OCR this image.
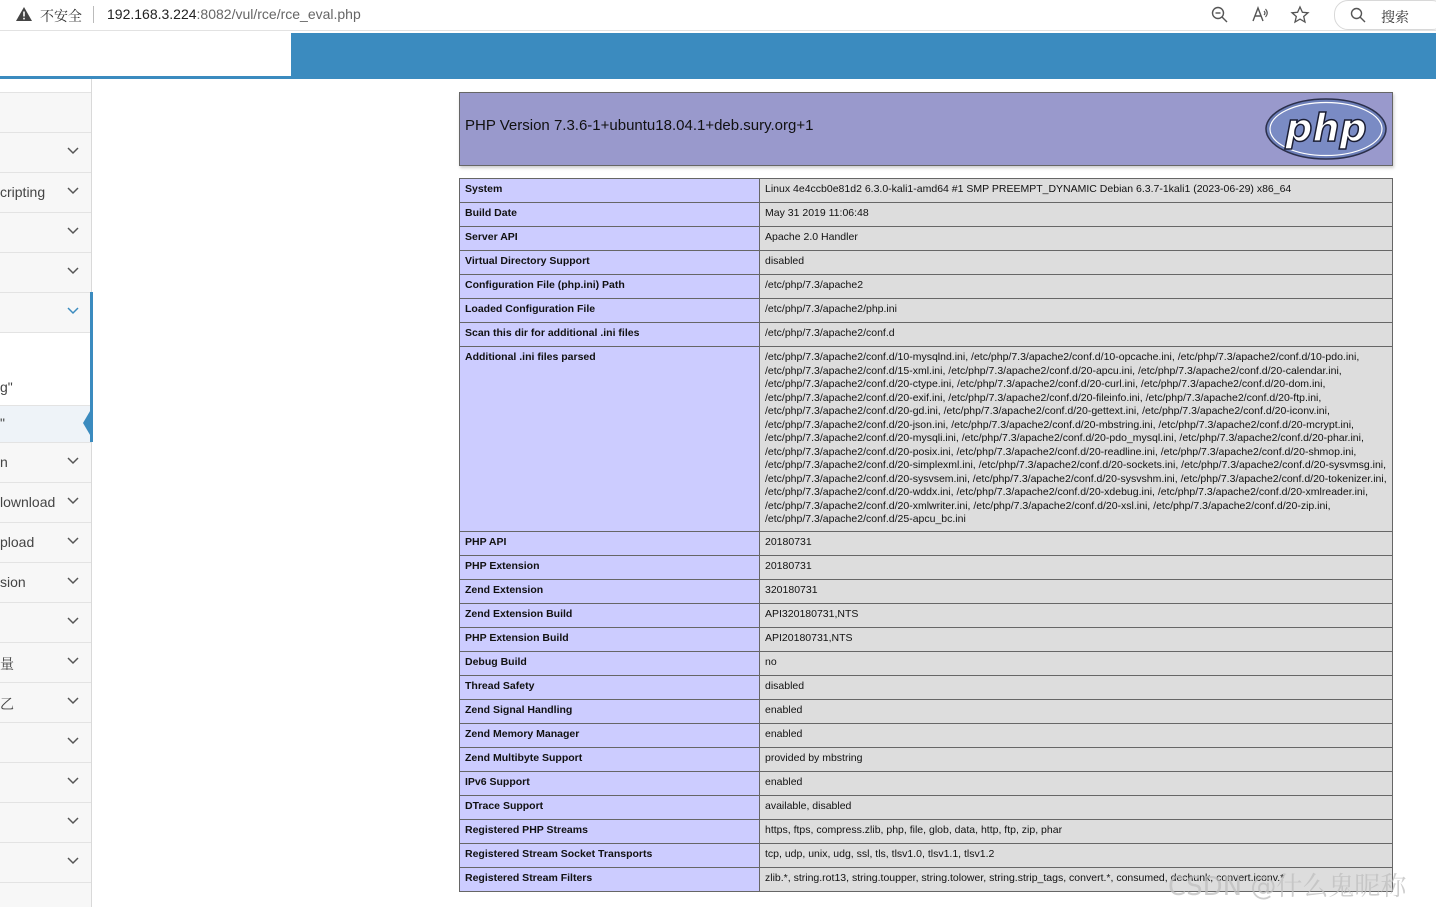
不安全 192.168.3.224:8082/vul/rce/rce_eval.php	搜索
cripting
g"
"
n
lownload
pload
sion
量
乙
PHP Version 7.3.6-1+ubuntu18.04.1+deb.sury.org+1	php
System	Linux 4e4ccb0e81d2 6.3.0-kali1-amd64 #1 SMP PREEMPT_DYNAMIC Debian 6.3.7-1kali1 (2023-06-29) x86_64
Build Date	May 31 2019 11:06:48
Server API	Apache 2.0 Handler
Virtual Directory Support	disabled
Configuration File (php.ini) Path	/etc/php/7.3/apache2
Loaded Configuration File	/etc/php/7.3/apache2/php.ini
Scan this dir for additional .ini files	/etc/php/7.3/apache2/conf.d
Additional .ini files parsed	/etc/php/7.3/apache2/conf.d/10-mysqlnd.ini, /etc/php/7.3/apache2/conf.d/10-opcache.ini, /etc/php/7.3/apache2/conf.d/10-pdo.ini, /etc/php/7.3/apache2/conf.d/15-xml.ini, /etc/php/7.3/apache2/conf.d/20-apcu.ini, /etc/php/7.3/apache2/conf.d/20-calendar.ini, /etc/php/7.3/apache2/conf.d/20-ctype.ini, /etc/php/7.3/apache2/conf.d/20-curl.ini, /etc/php/7.3/apache2/conf.d/20-dom.ini, /etc/php/7.3/apache2/conf.d/20-exif.ini, /etc/php/7.3/apache2/conf.d/20-fileinfo.ini, /etc/php/7.3/apache2/conf.d/20-ftp.ini, /etc/php/7.3/apache2/conf.d/20-gd.ini, /etc/php/7.3/apache2/conf.d/20-gettext.ini, /etc/php/7.3/apache2/conf.d/20-iconv.ini, /etc/php/7.3/apache2/conf.d/20-json.ini, /etc/php/7.3/apache2/conf.d/20-mbstring.ini, /etc/php/7.3/apache2/conf.d/20-mcrypt.ini, /etc/php/7.3/apache2/conf.d/20-mysqli.ini, /etc/php/7.3/apache2/conf.d/20-pdo_mysql.ini, /etc/php/7.3/apache2/conf.d/20-phar.ini, /etc/php/7.3/apache2/conf.d/20-posix.ini, /etc/php/7.3/apache2/conf.d/20-readline.ini, /etc/php/7.3/apache2/conf.d/20-shmop.ini, /etc/php/7.3/apache2/conf.d/20-simplexml.ini, /etc/php/7.3/apache2/conf.d/20-sockets.ini, /etc/php/7.3/apache2/conf.d/20-sysvmsg.ini, /etc/php/7.3/apache2/conf.d/20-sysvsem.ini, /etc/php/7.3/apache2/conf.d/20-sysvshm.ini, /etc/php/7.3/apache2/conf.d/20-tokenizer.ini, /etc/php/7.3/apache2/conf.d/20-wddx.ini, /etc/php/7.3/apache2/conf.d/20-xdebug.ini, /etc/php/7.3/apache2/conf.d/20-xmlreader.ini, /etc/php/7.3/apache2/conf.d/20-xmlwriter.ini, /etc/php/7.3/apache2/conf.d/20-xsl.ini, /etc/php/7.3/apache2/conf.d/20-zip.ini, /etc/php/7.3/apache2/conf.d/25-apcu_bc.ini
PHP API	20180731
PHP Extension	20180731
Zend Extension	320180731
Zend Extension Build	API320180731,NTS
PHP Extension Build	API20180731,NTS
Debug Build	no
Thread Safety	disabled
Zend Signal Handling	enabled
Zend Memory Manager	enabled
Zend Multibyte Support	provided by mbstring
IPv6 Support	enabled
DTrace Support	available, disabled
Registered PHP Streams	https, ftps, compress.zlib, php, file, glob, data, http, ftp, zip, phar
Registered Stream Socket Transports	tcp, udp, unix, udg, ssl, tls, tlsv1.0, tlsv1.1, tlsv1.2
Registered Stream Filters	zlib.*, string.rot13, string.toupper, string.tolower, string.strip_tags, convert.*, consumed, dechunk, convert.iconv.*
CSDN @什么鬼昵称
